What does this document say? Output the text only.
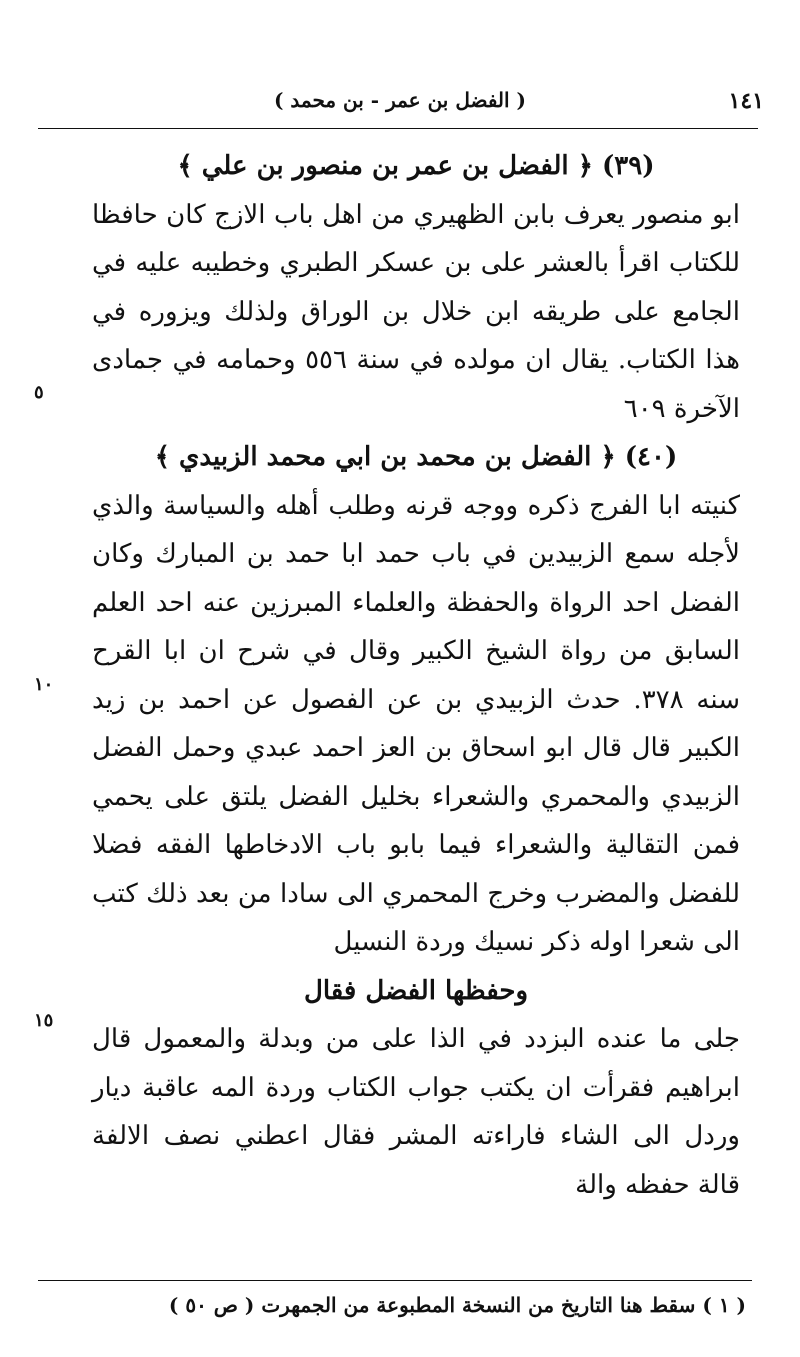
١٤١
( الفضل بن عمر - بن محمد )
(٣٩) ﴿ الفضل بن عمر بن منصور بن علي ﴾

ابو منصور يعرف بابن الظهيري من اهل باب الازج كان حافظا للكتاب اقرأ بالعشر على بن عسكر الطبري وخطيبه عليه في الجامع على طريقه ابن خلال بن الوراق ولذلك ويزوره في هذا الكتاب. يقال ان مولده في سنة ٥٥٦ وحمامه في جمادى الآخرة ٦٠٩

(٤٠) ﴿ الفضل بن محمد بن ابي محمد الزبيدي ﴾

كنيته ابا الفرج ذكره ووجه قرنه وطلب أهله والسياسة والذي لأجله سمع الزبيدين في باب حمد ابا حمد بن المبارك وكان الفضل احد الرواة والحفظة والعلماء المبرزين عنه احد العلم السابق من رواة الشيخ الكبير وقال في شرح ان ابا القرح سنه ٣٧٨. حدث الزبيدي بن عن الفصول عن احمد بن زيد الكبير قال قال ابو اسحاق بن العز احمد عبدي وحمل الفضل الزبيدي والمحمري والشعراء بخليل الفضل يلتق على يحمي فمن التقالية والشعراء فيما بابو باب الادخاطها الفقه فضلا للفضل والمضرب وخرج المحمري الى سادا من بعد ذلك كتب الى شعرا اوله ذكر نسيك وردة النسيل

وحفظها الفضل فقال

جلى ما عنده البزدد في الذا على من وبدلة والمعمول قال ابراهيم فقرأت ان يكتب جواب الكتاب وردة المه عاقبة ديار وردل الى الشاء فاراءته المشر فقال اعطني نصف الالفة قالة حفظه والة

٥
١٠
١٥
( ١ ) سقط هنا التاريخ من النسخة المطبوعة من الجمهرت ( ص ٥٠ )
